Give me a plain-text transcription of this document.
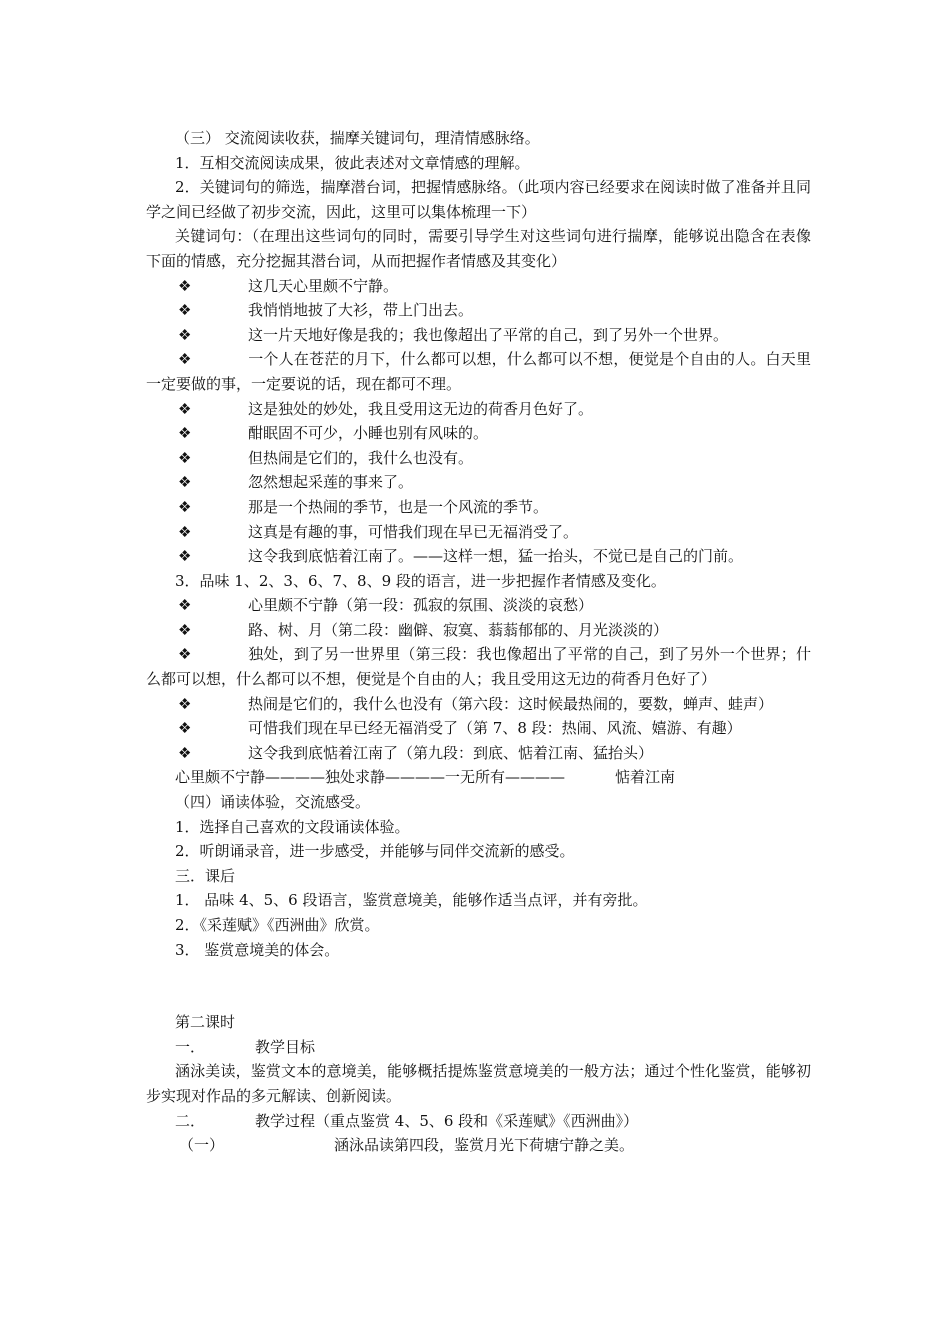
（三） 交流阅读收获，揣摩关键词句，理清情感脉络。
1．互相交流阅读成果，彼此表述对文章情感的理解。
2．关键词句的筛选，揣摩潜台词，把握情感脉络。（此项内容已经要求在阅读时做了准备并且同学之间已经做了初步交流，因此，这里可以集体梳理一下）
关键词句：（在理出这些词句的同时，需要引导学生对这些词句进行揣摩，能够说出隐含在表像下面的情感，充分挖掘其潜台词，从而把握作者情感及其变化）
❖	这几天心里颇不宁静。
❖	我悄悄地披了大衫，带上门出去。
❖	这一片天地好像是我的；我也像超出了平常的自己，到了另外一个世界。
❖	一个人在苍茫的月下，什么都可以想，什么都可以不想，便觉是个自由的人。白天里一定要做的事，一定要说的话，现在都可不理。
❖	这是独处的妙处，我且受用这无边的荷香月色好了。
❖	酣眠固不可少，小睡也别有风味的。
❖	但热闹是它们的，我什么也没有。
❖	忽然想起采莲的事来了。
❖	那是一个热闹的季节，也是一个风流的季节。
❖	这真是有趣的事，可惜我们现在早已无福消受了。
❖	这令我到底惦着江南了。——这样一想，猛一抬头，不觉已是自己的门前。
3．品味 1、2、3、6、7、8、9 段的语言，进一步把握作者情感及变化。
❖	心里颇不宁静（第一段：孤寂的氛围、淡淡的哀愁）
❖	路、树、月（第二段：幽僻、寂寞、蓊蓊郁郁的、月光淡淡的）
❖	独处，到了另一世界里（第三段：我也像超出了平常的自己，到了另外一个世界；什么都可以想，什么都可以不想，便觉是个自由的人；我且受用这无边的荷香月色好了）
❖	热闹是它们的，我什么也没有（第六段：这时候最热闹的，要数，蝉声、蛙声）
❖	可惜我们现在早已经无福消受了（第 7、8 段：热闹、风流、嬉游、有趣）
❖	这令我到底惦着江南了（第九段：到底、惦着江南、猛抬头）
心里颇不宁静————独处求静————一无所有————	惦着江南
（四）诵读体验，交流感受。
1．选择自己喜欢的文段诵读体验。
2．听朗诵录音，进一步感受，并能够与同伴交流新的感受。
三．课后
1． 品味 4、5、6 段语言，鉴赏意境美，能够作适当点评，并有旁批。
2．《采莲赋》《西洲曲》欣赏。
3． 鉴赏意境美的体会。
第二课时
一．	教学目标
涵泳美读，鉴赏文本的意境美，能够概括提炼鉴赏意境美的一般方法；通过个性化鉴赏，能够初步实现对作品的多元解读、创新阅读。
二．	教学过程（重点鉴赏 4、5、6 段和《采莲赋》《西洲曲》）
（一）	涵泳品读第四段，鉴赏月光下荷塘宁静之美。
